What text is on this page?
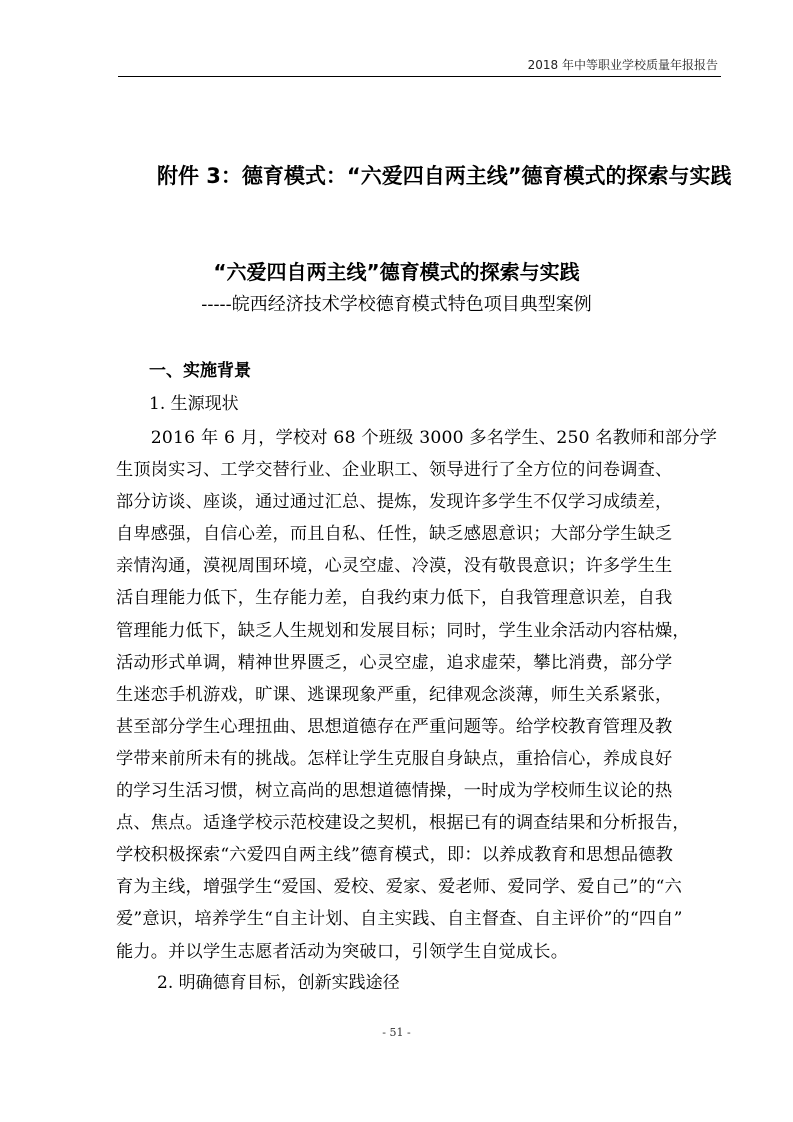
2018 年中等职业学校质量年报报告
附件 3：德育模式：“六爱四自两主线”德育模式的探索与实践
“六爱四自两主线”德育模式的探索与实践
-----皖西经济技术学校德育模式特色项目典型案例
一、实施背景
1. 生源现状
　　2016 年 6 月，学校对 68 个班级 3000 多名学生、250 名教师和部分学
生顶岗实习、工学交替行业、企业职工、领导进行了全方位的问卷调查、
部分访谈、座谈，通过通过汇总、提炼，发现许多学生不仅学习成绩差，
自卑感强，自信心差，而且自私、任性，缺乏感恩意识；大部分学生缺乏
亲情沟通，漠视周围环境，心灵空虚、冷漠，没有敬畏意识；许多学生生
活自理能力低下，生存能力差，自我约束力低下，自我管理意识差，自我
管理能力低下，缺乏人生规划和发展目标；同时，学生业余活动内容枯燥，
活动形式单调，精神世界匮乏，心灵空虚，追求虚荣，攀比消费，部分学
生迷恋手机游戏，旷课、逃课现象严重，纪律观念淡薄，师生关系紧张，
甚至部分学生心理扭曲、思想道德存在严重问题等。给学校教育管理及教
学带来前所未有的挑战。怎样让学生克服自身缺点，重拾信心，养成良好
的学习生活习惯，树立高尚的思想道德情操，一时成为学校师生议论的热
点、焦点。适逢学校示范校建设之契机，根据已有的调查结果和分析报告，
学校积极探索“六爱四自两主线”德育模式，即：以养成教育和思想品德教
育为主线，增强学生“爱国、爱校、爱家、爱老师、爱同学、爱自己”的“六
爱”意识，培养学生“自主计划、自主实践、自主督查、自主评价”的“四自”
能力。并以学生志愿者活动为突破口，引领学生自觉成长。
2. 明确德育目标，创新实践途径
- 51 -
